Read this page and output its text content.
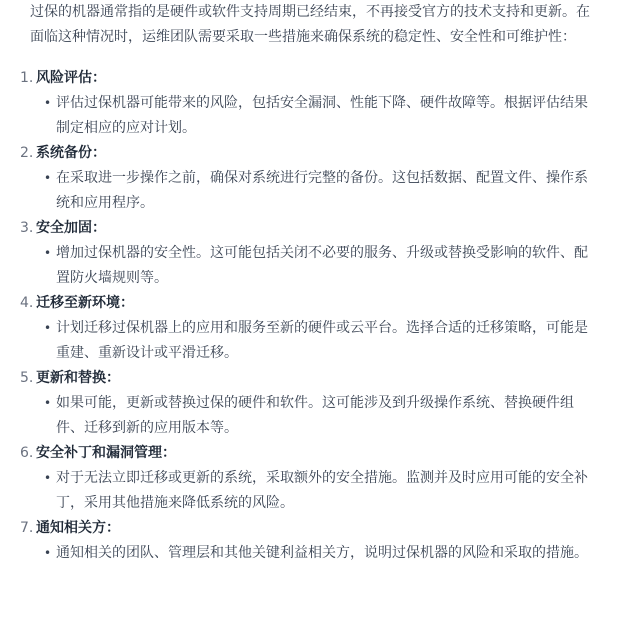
过保的机器通常指的是硬件或软件支持周期已经结束，不再接受官方的技术支持和更新。在面临这种情况时，运维团队需要采取一些措施来确保系统的稳定性、安全性和可维护性：

1. 风险评估：
• 评估过保机器可能带来的风险，包括安全漏洞、性能下降、硬件故障等。根据评估结果制定相应的应对计划。
2. 系统备份：
• 在采取进一步操作之前，确保对系统进行完整的备份。这包括数据、配置文件、操作系统和应用程序。
3. 安全加固：
• 增加过保机器的安全性。这可能包括关闭不必要的服务、升级或替换受影响的软件、配置防火墙规则等。
4. 迁移至新环境：
• 计划迁移过保机器上的应用和服务至新的硬件或云平台。选择合适的迁移策略，可能是重建、重新设计或平滑迁移。
5. 更新和替换：
• 如果可能，更新或替换过保的硬件和软件。这可能涉及到升级操作系统、替换硬件组件、迁移到新的应用版本等。
6. 安全补丁和漏洞管理：
• 对于无法立即迁移或更新的系统，采取额外的安全措施。监测并及时应用可能的安全补丁，采用其他措施来降低系统的风险。
7. 通知相关方：
• 通知相关的团队、管理层和其他关键利益相关方，说明过保机器的风险和采取的措施。
